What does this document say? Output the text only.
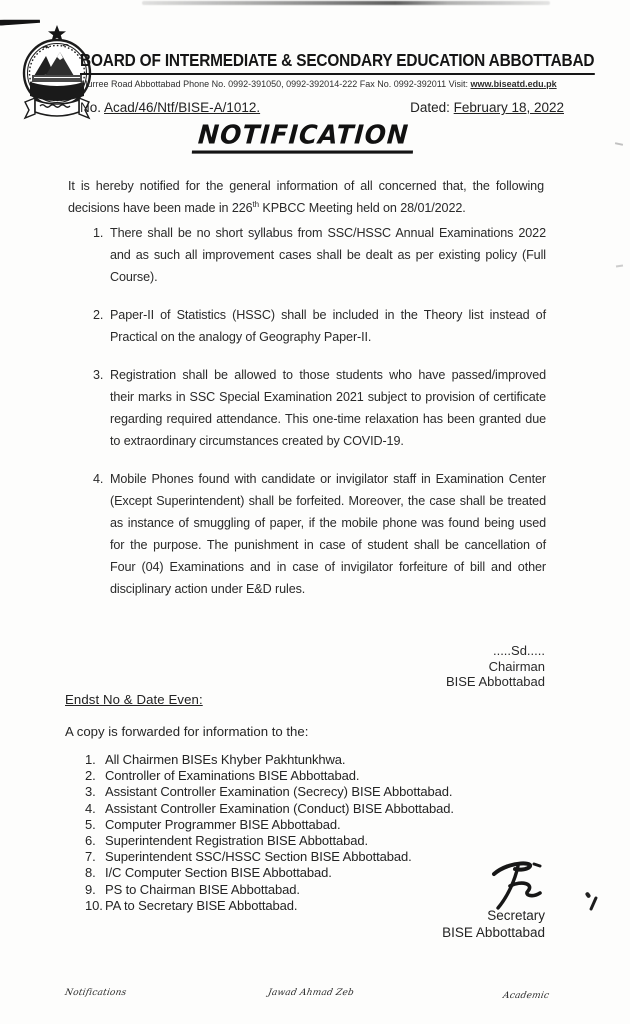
BOARD OF INTERMEDIATE & SECONDARY EDUCATION ABBOTTABAD
Murree Road Abbottabad Phone No. 0992-391050, 0992-392014-222 Fax No. 0992-392011 Visit: www.biseatd.edu.pk
No. Acad/46/Ntf/BISE-A/1012.	Dated: February 18, 2022
NOTIFICATION

It is hereby notified for the general information of all concerned that, the following decisions have been made in 226th KPBCC Meeting held on 28/01/2022.

There shall be no short syllabus from SSC/HSSC Annual Examinations 2022 and as such all improvement cases shall be dealt as per existing policy (Full Course).
Paper-II of Statistics (HSSC) shall be included in the Theory list instead of Practical on the analogy of Geography Paper-II.
Registration shall be allowed to those students who have passed/improved their marks in SSC Special Examination 2021 subject to provision of certificate regarding required attendance. This one-time relaxation has been granted due to extraordinary circumstances created by COVID-19.
Mobile Phones found with candidate or invigilator staff in Examination Center (Except Superintendent) shall be forfeited. Moreover, the case shall be treated as instance of smuggling of paper, if the mobile phone was found being used for the purpose. The punishment in case of student shall be cancellation of Four (04) Examinations and in case of invigilator forfeiture of bill and other disciplinary action under E&D rules.
.....Sd.....
Chairman
BISE Abbottabad
Endst No & Date Even:
A copy is forwarded for information to the:
All Chairmen BISEs Khyber Pakhtunkhwa.
Controller of Examinations BISE Abbottabad.
Assistant Controller Examination (Secrecy) BISE Abbottabad.
Assistant Controller Examination (Conduct) BISE Abbottabad.
Computer Programmer BISE Abbottabad.
Superintendent Registration BISE Abbottabad.
Superintendent SSC/HSSC Section BISE Abbottabad.
I/C Computer Section BISE Abbottabad.
PS to Chairman BISE Abbottabad.
PA to Secretary BISE Abbottabad.
Secretary
BISE Abbottabad
Notifications	Jawad Ahmad Zeb	Academic
